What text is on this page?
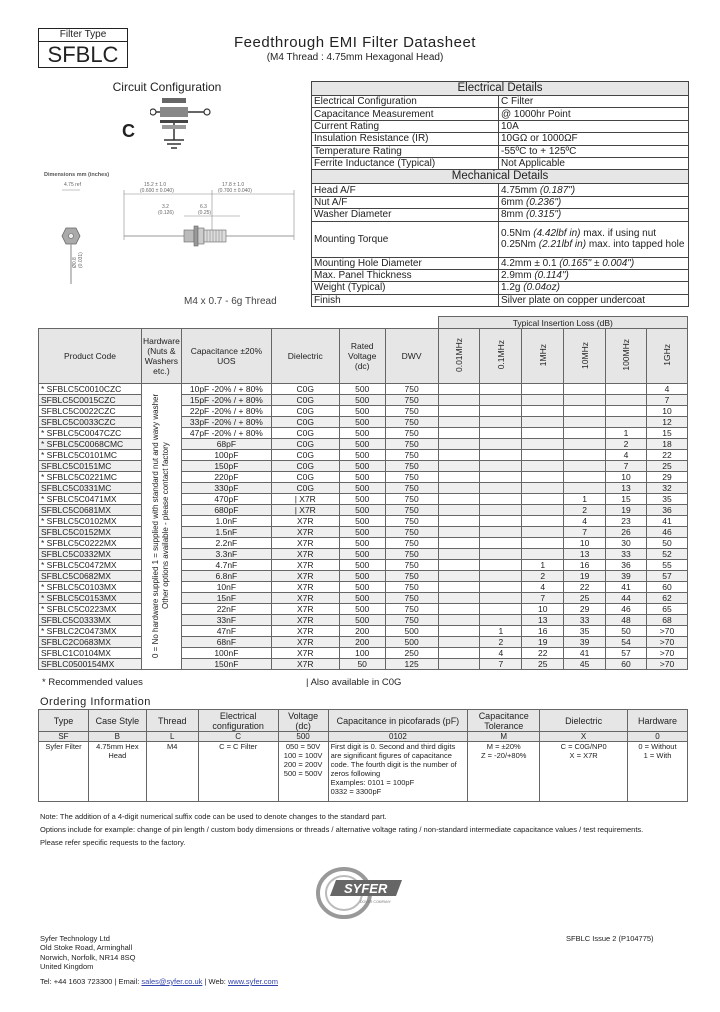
Filter Type
SFBLC	Feedthrough EMI Filter Datasheet
(M4 Thread : 4.75mm Hexagonal Head)
Circuit Configuration
C
Dimensions mm (inches)
4.75 ref	15.2 ± 1.0
(0.600 ± 0.040)
17.8 ± 1.0
(0.700 ± 0.040)
3.2
(0.126)
6.3
(0.25)
Ø0.8 (0.031)
M4 x 0.7 - 6g Thread
Electrical Details	
Electrical Configuration	C Filter
Capacitance Measurement	@ 1000hr Point
Current Rating	10A
Insulation Resistance (IR)	10GΩ or 1000ΩF
Temperature Rating	-55ºC to + 125ºC
Ferrite Inductance (Typical)	Not Applicable
Mechanical Details	
Head A/F	4.75mm (0.187")
Nut A/F	6mm (0.236")
Washer Diameter	8mm (0.315")
Mounting Torque	0.5Nm (4.42lbf in) max. if using nut
0.25Nm (2.21lbf in) max. into tapped hole
Mounting Hole Diameter	4.2mm ± 0.1 (0.165" ± 0.004")
Max. Panel Thickness	2.9mm (0.114")
Weight (Typical)	1.2g (0.04oz)
Finish	Silver plate on copper undercoat
						Typical Insertion Loss (dB)					
Product Code	Hardware (Nuts & Washers etc.)	Capacitance ±20% UOS	Dielectric	Rated Voltage (dc)	DWV	0.01MHz	0.1MHz	1MHz	10MHz	100MHz	1GHz
* SFBLC5C0010CZC	0 = No hardware supplied 1 = supplied with standard nut and wavy washer Other options available - please contact factory	10pF -20% / + 80%	C0G	500	750						4
SFBLC5C0015CZC		15pF -20% / + 80%	C0G	500	750						7
SFBLC5C0022CZC		22pF -20% / + 80%	C0G	500	750						10
SFBLC5C0033CZC		33pF -20% / + 80%	C0G	500	750						12
* SFBLC5C0047CZC		47pF -20% / + 80%	C0G	500	750					1	15
* SFBLC5C0068CMC		68pF	C0G	500	750					2	18
* SFBLC5C0101MC		100pF	C0G	500	750					4	22
SFBLC5C0151MC		150pF	C0G	500	750					7	25
* SFBLC5C0221MC		220pF	C0G	500	750					10	29
SFBLC5C0331MC		330pF	C0G	500	750					13	32
* SFBLC5C0471MX		470pF	| X7R	500	750				1	15	35
SFBLC5C0681MX		680pF	| X7R	500	750				2	19	36
* SFBLC5C0102MX		1.0nF	X7R	500	750				4	23	41
SFBLC5C0152MX		1.5nF	X7R	500	750				7	26	46
* SFBLC5C0222MX		2.2nF	X7R	500	750				10	30	50
SFBLC5C0332MX		3.3nF	X7R	500	750				13	33	52
* SFBLC5C0472MX		4.7nF	X7R	500	750			1	16	36	55
SFBLC5C0682MX		6.8nF	X7R	500	750			2	19	39	57
* SFBLC5C0103MX		10nF	X7R	500	750			4	22	41	60
* SFBLC5C0153MX		15nF	X7R	500	750			7	25	44	62
* SFBLC5C0223MX		22nF	X7R	500	750			10	29	46	65
SFBLC5C0333MX		33nF	X7R	500	750			13	33	48	68
* SFBLC2C0473MX		47nF	X7R	200	500		1	16	35	50	>70
SFBLC2C0683MX		68nF	X7R	200	500		2	19	39	54	>70
SFBLC1C0104MX		100nF	X7R	100	250		4	22	41	57	>70
SFBLC0500154MX		150nF	X7R	50	125		7	25	45	60	>70
* Recommended values	| Also available in C0G
Ordering Information
Type	Case Style	Thread	Electrical configuration	Voltage (dc)	Capacitance in picofarads (pF)	Capacitance Tolerance	Dielectric	Hardware
SF	B	L	C	500	0102	M	X	0
Syfer Filter	4.75mm Hex Head	M4	C = C Filter	050 = 50V
100 = 100V
200 = 200V
500 = 500V	First digit is 0. Second and third digits are significant figures of capacitance code. The fourth digit is the number of zeros following
Examples: 0101 = 100pF
0332 = 3300pF	M = ±20%
Z = -20/+80%	C = C0G/NP0
X = X7R	0 = Without
1 = With

Note: The addition of a 4-digit numerical suffix code can be used to denote changes to the standard part.

Options include for example: change of pin length / custom body dimensions or threads / alternative voltage rating / non-standard intermediate capacitance values / test requirements.

Please refer specific requests to the factory.

SYFER
DOVER COMPANY
Syfer Technology Ltd
Old Stoke Road, Arminghall
Norwich, Norfolk, NR14 8SQ
United Kingdom
Tel: +44 1603 723300 | Email: sales@syfer.co.uk | Web: www.syfer.com
SFBLC Issue 2 (P104775)
